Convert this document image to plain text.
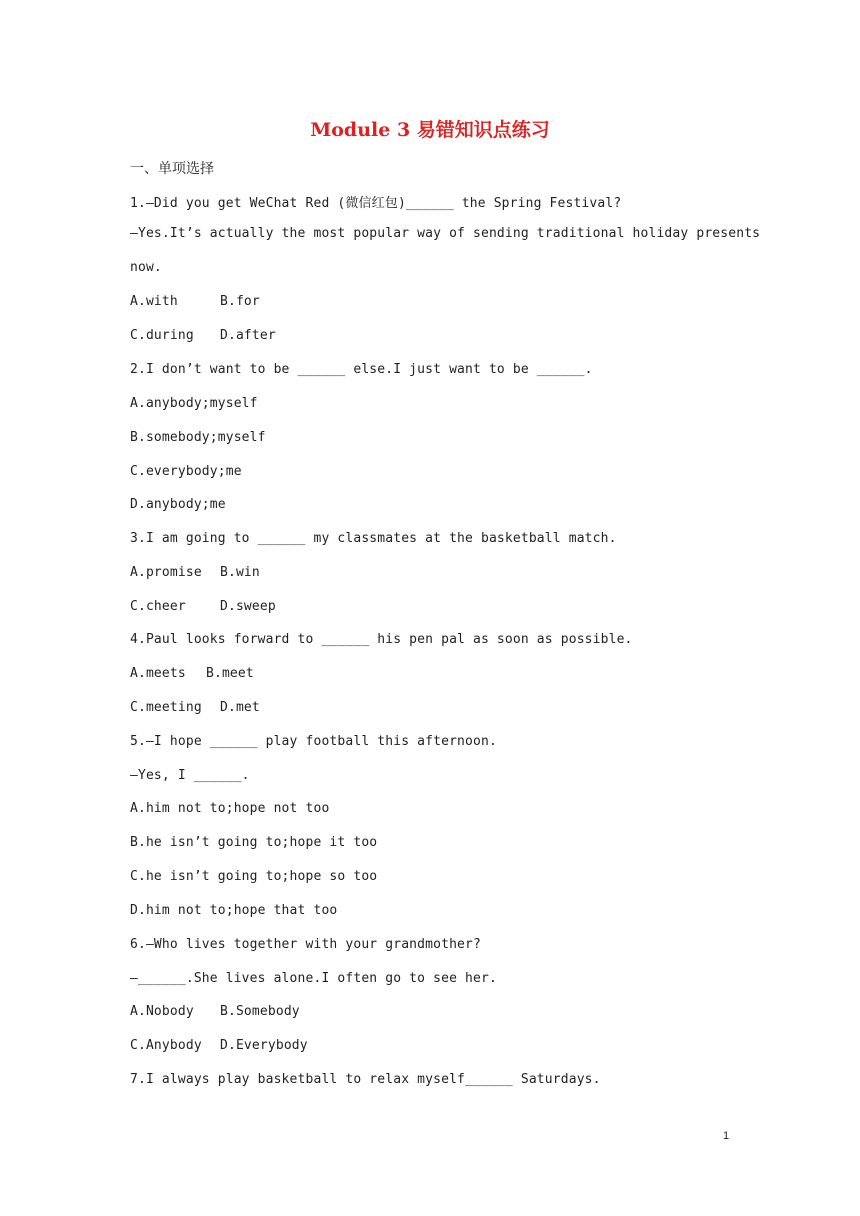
Module 3 易错知识点练习
一、单项选择
1.—Did you get WeChat Red (微信红包)______ the Spring Festival?
—Yes.It’s actually the most popular way of sending traditional holiday presents
now.
A.with	B.for
C.during D.after
2.I don’t want to be ______ else.I just want to be ______.
A.anybody;myself
B.somebody;myself
C.everybody;me
D.anybody;me
3.I am going to ______ my classmates at the basketball match.
A.promise B.win
C.cheer	D.sweep
4.Paul looks forward to ______ his pen pal as soon as possible.
A.meets B.meet
C.meeting D.met
5.—I hope ______ play football this afternoon.
—Yes, I ______.
A.him not to;hope not too
B.he isn’t going to;hope it too
C.he isn’t going to;hope so too
D.him not to;hope that too
6.—Who lives together with your grandmother?
—______.She lives alone.I often go to see her.
A.Nobody B.Somebody
C.Anybody D.Everybody
7.I always play basketball to relax myself______ Saturdays.
1
